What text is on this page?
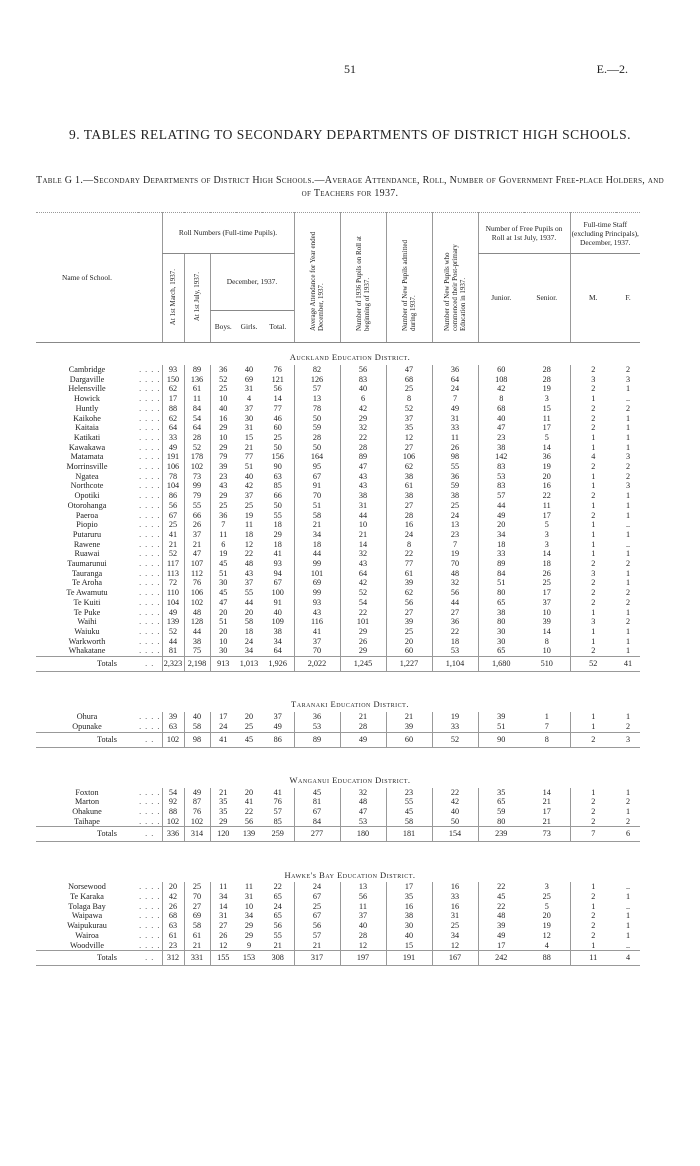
51	E.—2.
9. TABLES RELATING TO SECONDARY DEPARTMENTS OF DISTRICT HIGH SCHOOLS.
Table G 1.—Secondary Departments of District High Schools.—Average Attendance, Roll, Number of Government Free-place Holders, and of Teachers for 1937.
Name of School.		Roll Numbers (Full-time Pupils).					Average Attendance for Year ended December, 1937.	Number of 1936 Pupils on Roll at beginning of 1937.	Number of New Pupils admitted during 1937.	Number of New Pupils who commenced their Post-primary Education in 1937.	Number of Free Pupils on Roll at 1st July, 1937.		Full-time Staff (excluding Principals), December, 1937.	
		At 1st March, 1937.	At 1st July, 1937.	December, 1937.							Junior.	Senior.	M.	F.
				Boys.	Girls.	Total.								
Auckland Education District.														
Cambridge	. . . .	93	89	36	40	76	82	56	47	36	60	28	2	2
Dargaville	. . . .	150	136	52	69	121	126	83	68	64	108	28	3	3
Helensville	. . . .	62	61	25	31	56	57	40	25	24	42	19	2	1
Howick	. . . .	17	11	10	4	14	13	6	8	7	8	3	1	..
Huntly	. . . .	88	84	40	37	77	78	42	52	49	68	15	2	2
Kaikohe	. . . .	62	54	16	30	46	50	29	37	31	40	11	2	1
Kaitaia	. . . .	64	64	29	31	60	59	32	35	33	47	17	2	1
Katikati	. . . .	33	28	10	15	25	28	22	12	11	23	5	1	1
Kawakawa	. . . .	49	52	29	21	50	50	28	27	26	38	14	1	1
Matamata	. . . .	191	178	79	77	156	164	89	106	98	142	36	4	3
Morrinsville	. . . .	106	102	39	51	90	95	47	62	55	83	19	2	2
Ngatea	. . . .	78	73	23	40	63	67	43	38	36	53	20	1	2
Northcote	. . . .	104	99	43	42	85	91	43	61	59	83	16	1	3
Opotiki	. . . .	86	79	29	37	66	70	38	38	38	57	22	2	1
Otorohanga	. . . .	56	55	25	25	50	51	31	27	25	44	11	1	1
Paeroa	. . . .	67	66	36	19	55	58	44	28	24	49	17	2	1
Piopio	. . . .	25	26	7	11	18	21	10	16	13	20	5	1	..
Putaruru	. . . .	41	37	11	18	29	34	21	24	23	34	3	1	1
Rawene	. . . .	21	21	6	12	18	18	14	8	7	18	3	1	..
Ruawai	. . . .	52	47	19	22	41	44	32	22	19	33	14	1	1
Taumarunui	. . . .	117	107	45	48	93	99	43	77	70	89	18	2	2
Tauranga	. . . .	113	112	51	43	94	101	64	61	48	84	26	3	1
Te Aroha	. . . .	72	76	30	37	67	69	42	39	32	51	25	2	1
Te Awamutu	. . . .	110	106	45	55	100	99	52	62	56	80	17	2	2
Te Kuiti	. . . .	104	102	47	44	91	93	54	56	44	65	37	2	2
Te Puke	. . . .	49	48	20	20	40	43	22	27	27	38	10	1	1
Waihi	. . . .	139	128	51	58	109	116	101	39	36	80	39	3	2
Waiuku	. . . .	52	44	20	18	38	41	29	25	22	30	14	1	1
Warkworth	. . . .	44	38	10	24	34	37	26	20	18	30	8	1	1
Whakatane	. . . .	81	75	30	34	64	70	29	60	53	65	10	2	1
Totals	. .	2,323	2,198	913	1,013	1,926	2,022	1,245	1,227	1,104	1,680	510	52	41

Taranaki Education District.														
Ohura	. . . .	39	40	17	20	37	36	21	21	19	39	1	1	1
Opunake	. . . .	63	58	24	25	49	53	28	39	33	51	7	1	2
Totals	. .	102	98	41	45	86	89	49	60	52	90	8	2	3

Wanganui Education District.														
Foxton	. . . .	54	49	21	20	41	45	32	23	22	35	14	1	1
Marton	. . . .	92	87	35	41	76	81	48	55	42	65	21	2	2
Ohakune	. . . .	88	76	35	22	57	67	47	45	40	59	17	2	1
Taihape	. . . .	102	102	29	56	85	84	53	58	50	80	21	2	2
Totals	. .	336	314	120	139	259	277	180	181	154	239	73	7	6

Hawke's Bay Education District.														
Norsewood	. . . .	20	25	11	11	22	24	13	17	16	22	3	1	..
Te Karaka	. . . .	42	70	34	31	65	67	56	35	33	45	25	2	1
Tolaga Bay	. . . .	26	27	14	10	24	25	11	16	16	22	5	1	..
Waipawa	. . . .	68	69	31	34	65	67	37	38	31	48	20	2	1
Waipukurau	. . . .	63	58	27	29	56	56	40	30	25	39	19	2	1
Wairoa	. . . .	61	61	26	29	55	57	28	40	34	49	12	2	1
Woodville	. . . .	23	21	12	9	21	21	12	15	12	17	4	1	..
Totals	. .	312	331	155	153	308	317	197	191	167	242	88	11	4
